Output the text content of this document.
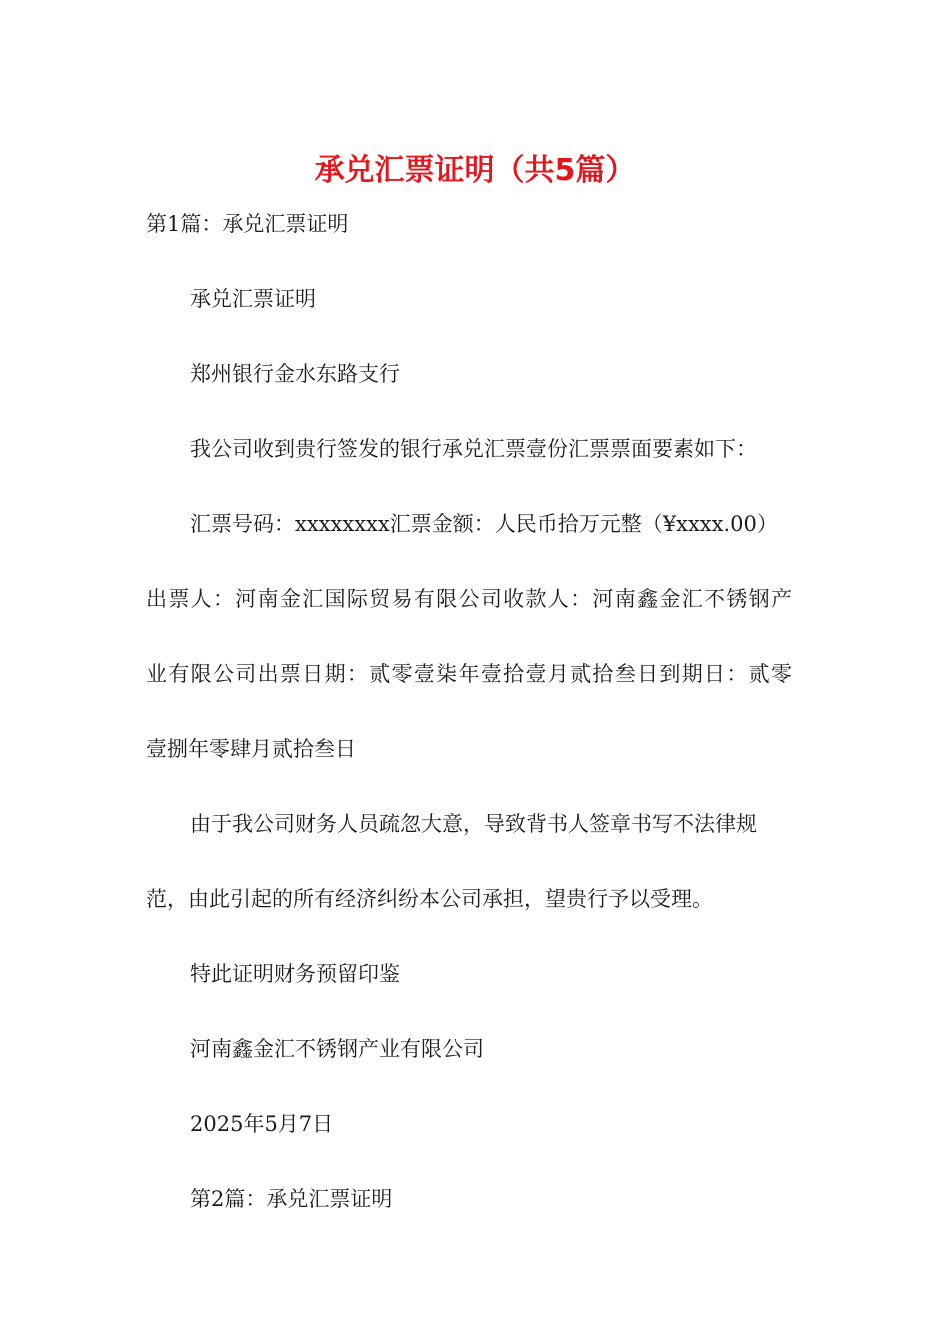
承兑汇票证明（共5篇）

第1篇：承兑汇票证明

承兑汇票证明

郑州银行金水东路支行

我公司收到贵行签发的银行承兑汇票壹份汇票票面要素如下：

汇票号码：xxxxxxxx汇票金额：人民币拾万元整（¥xxxx.00）

出票人：河南金汇国际贸易有限公司收款人：河南鑫金汇不锈钢产

业有限公司出票日期：贰零壹柒年壹拾壹月贰拾叁日到期日：贰零

壹捌年零肆月贰拾叁日

由于我公司财务人员疏忽大意，导致背书人签章书写不法律规

范，由此引起的所有经济纠纷本公司承担，望贵行予以受理。

特此证明财务预留印鉴

河南鑫金汇不锈钢产业有限公司

2025年5月7日

第2篇：承兑汇票证明
